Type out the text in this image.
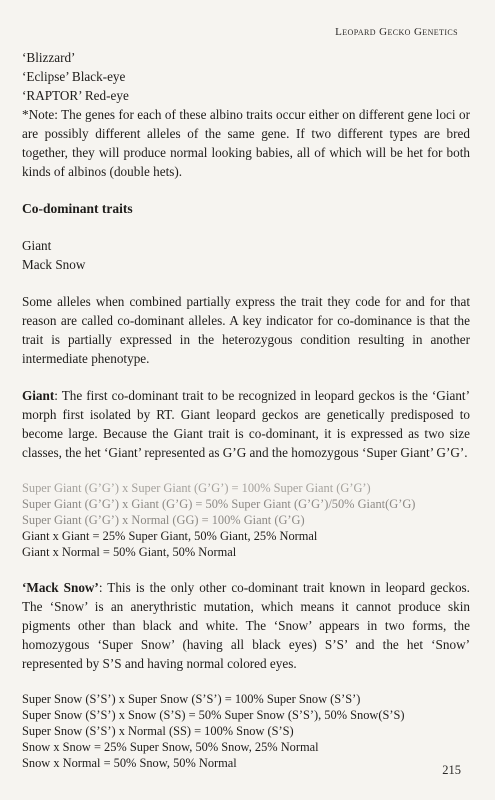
Leopard Gecko Genetics
‘Blizzard’
‘Eclipse’ Black-eye
‘RAPTOR’ Red-eye

*Note: The genes for each of these albino traits occur either on different gene loci or are possibly different alleles of the same gene. If two different types are bred together, they will produce normal looking babies, all of which will be het for both kinds of albinos (double hets).

Co-dominant traits
Giant
Mack Snow

Some alleles when combined partially express the trait they code for and for that reason are called co-dominant alleles. A key indicator for co-dominance is that the trait is partially expressed in the heterozygous condition resulting in another intermediate phenotype.

Giant: The first co-dominant trait to be recognized in leopard geckos is the ‘Giant’ morph first isolated by RT. Giant leopard geckos are genetically predisposed to become large. Because the Giant trait is co-dominant, it is expressed as two size classes, the het ‘Giant’ represented as G’G and the homozygous ‘Super Giant’ G’G’.

Super Giant (G’G’) x Super Giant (G’G’) = 100% Super Giant (G’G’)
Super Giant (G’G’) x Giant (G’G) = 50% Super Giant (G’G’)/50% Giant(G’G)
Super Giant (G’G’) x Normal (GG) = 100% Giant (G’G)
Giant x Giant = 25% Super Giant, 50% Giant, 25% Normal
Giant x Normal = 50% Giant, 50% Normal

‘Mack Snow’: This is the only other co-dominant trait known in leopard geckos. The ‘Snow’ is an anerythristic mutation, which means it cannot produce skin pigments other than black and white. The ‘Snow’ appears in two forms, the homozygous ‘Super Snow’ (having all black eyes) S’S’ and the het ‘Snow’ represented by S’S and having normal colored eyes.

Super Snow (S’S’) x Super Snow (S’S’) = 100% Super Snow (S’S’)
Super Snow (S’S’) x Snow (S’S) = 50% Super Snow (S’S’), 50% Snow(S’S)
Super Snow (S’S’) x Normal (SS) = 100% Snow (S’S)
Snow x Snow = 25% Super Snow, 50% Snow, 25% Normal
Snow x Normal = 50% Snow, 50% Normal	215
